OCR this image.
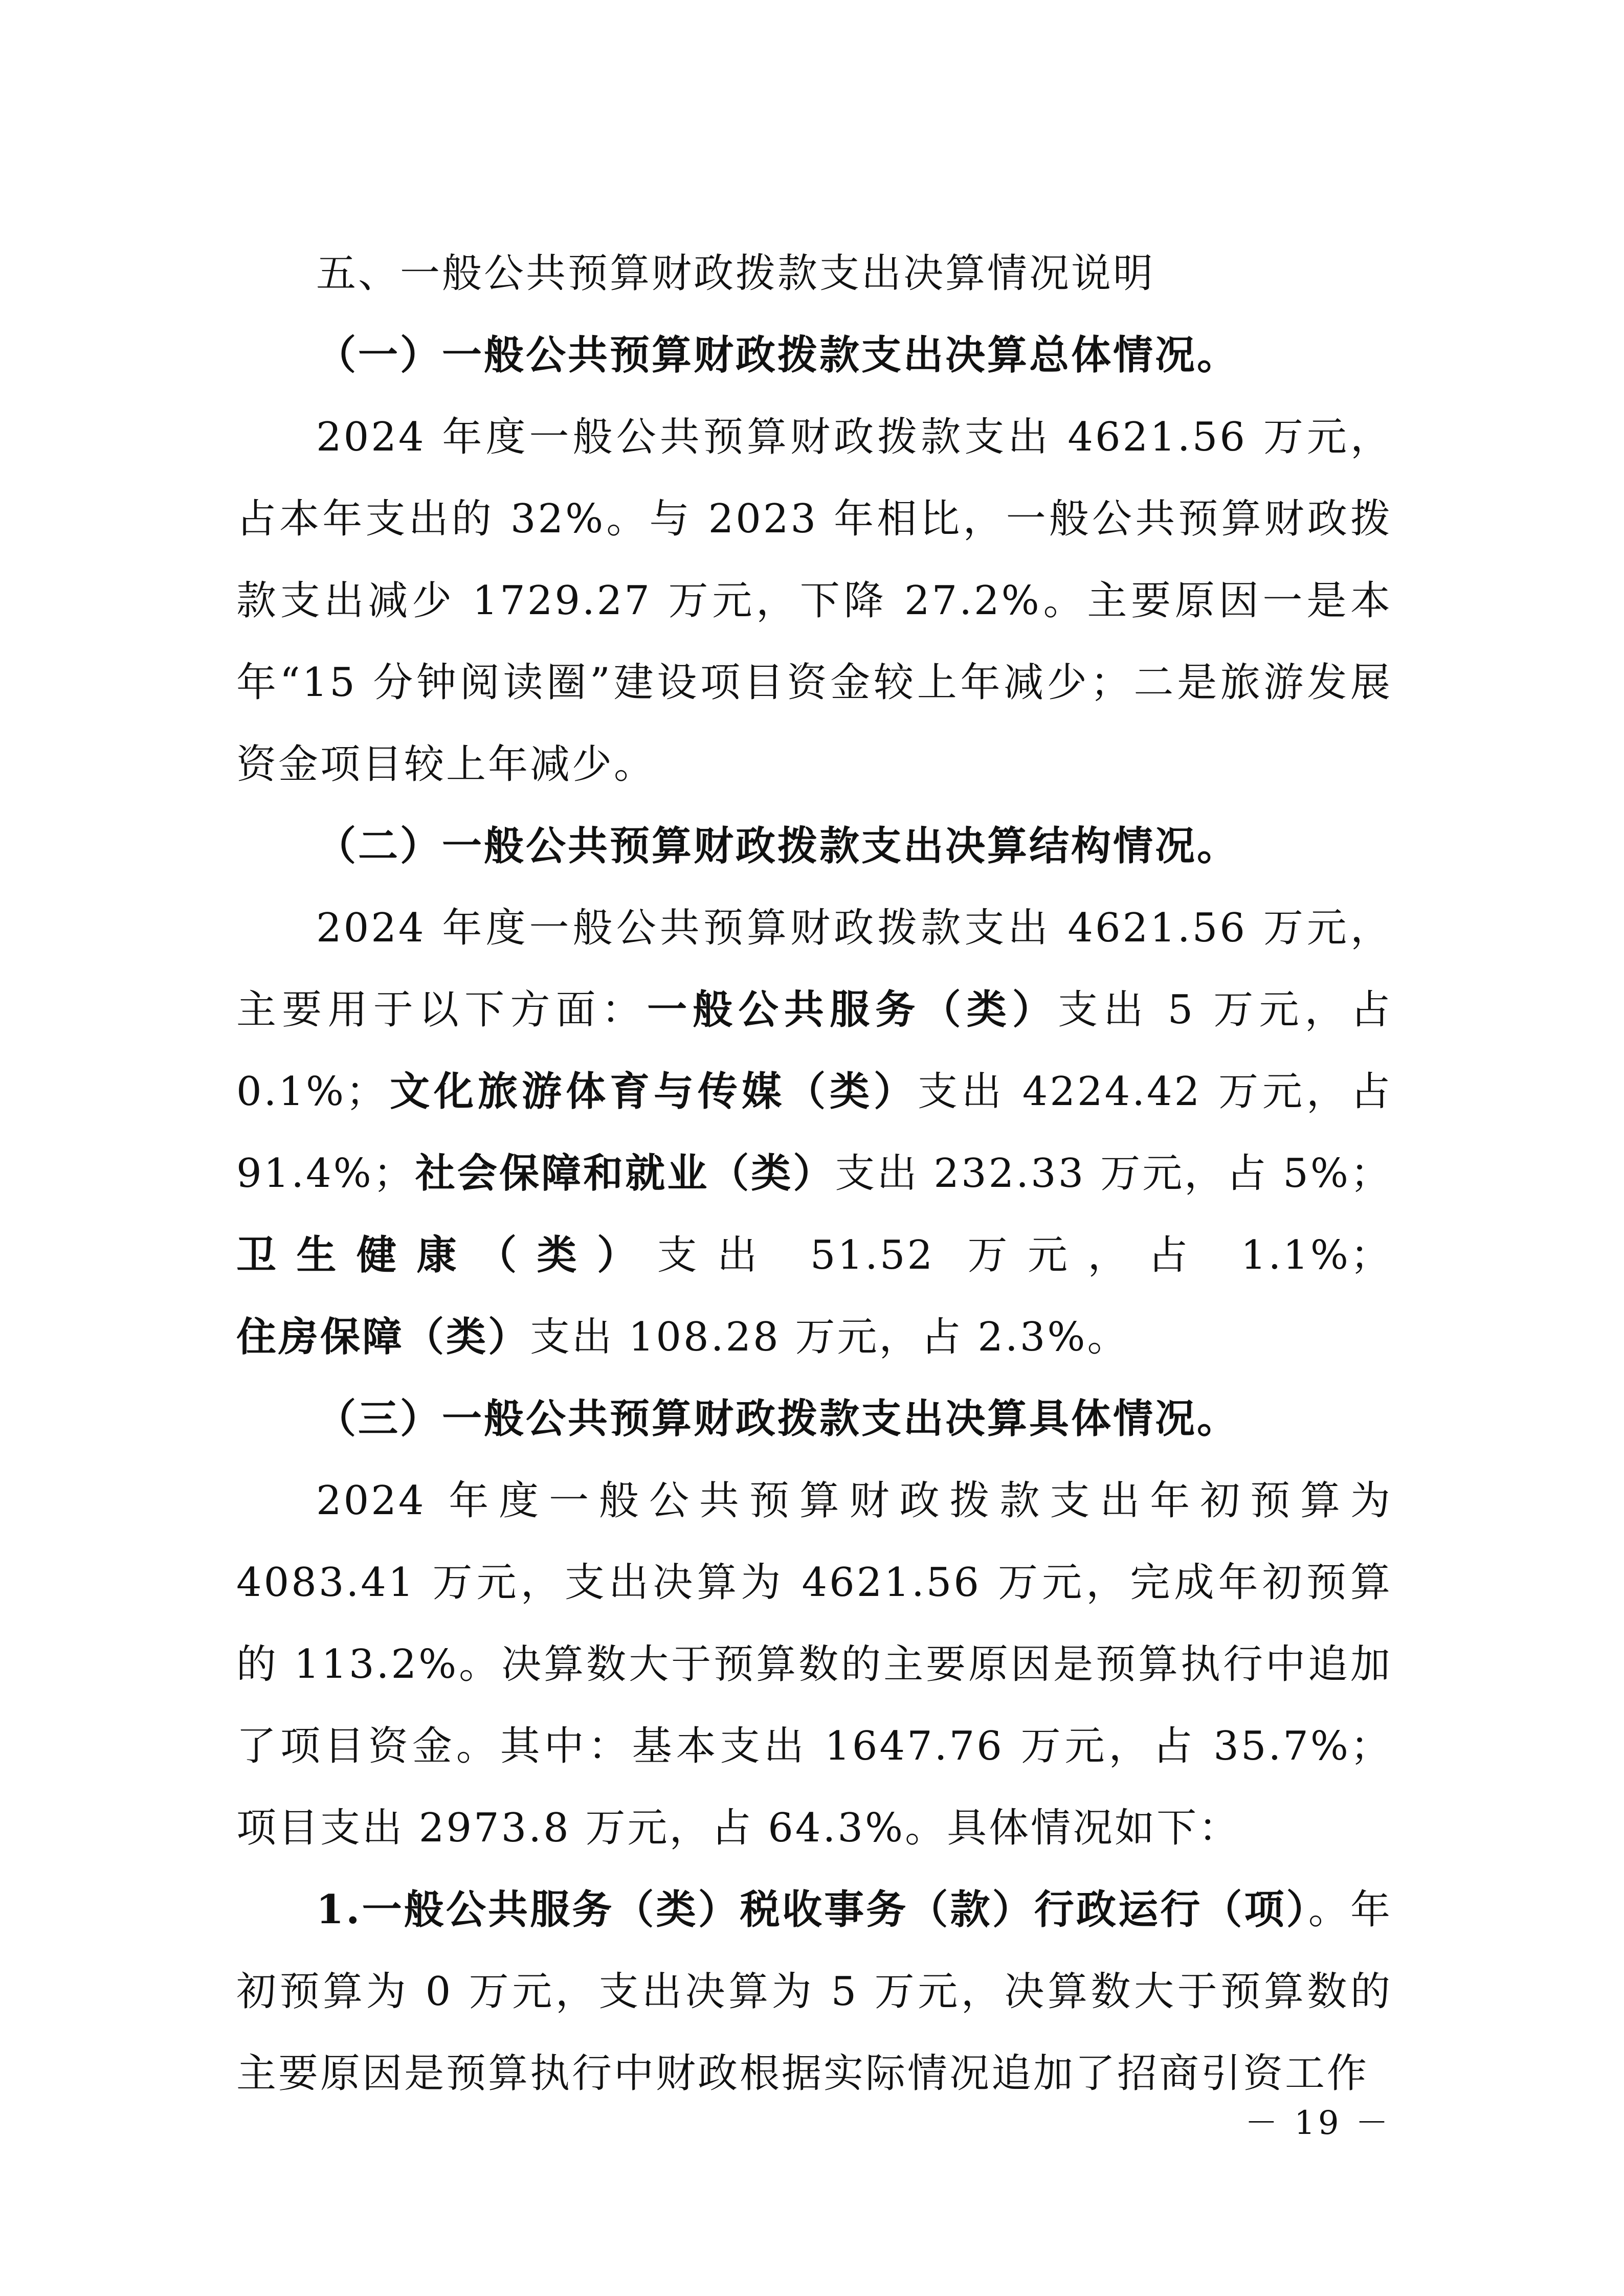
五、一般公共预算财政拨款支出决算情况说明

（一）一般公共预算财政拨款支出决算总体情况。

2024 年度一般公共预算财政拨款支出 4621.56 万元，占本年支出的 32%。与 2023 年相比，一般公共预算财政拨款支出减少 1729.27 万元，下降 27.2%。主要原因一是本年“15 分钟阅读圈”建设项目资金较上年减少；二是旅游发展资金项目较上年减少。

（二）一般公共预算财政拨款支出决算结构情况。

2024 年度一般公共预算财政拨款支出 4621.56 万元，主要用于以下方面：一般公共服务（类）支出 5 万元，占 0.1%；文化旅游体育与传媒（类）支出 4224.42 万元，占 91.4%；社会保障和就业（类）支出 232.33 万元，占 5%；卫生健康（类）支出 51.52 万元，占 1.1%；住房保障（类）支出 108.28 万元，占 2.3%。

（三）一般公共预算财政拨款支出决算具体情况。

2024 年度一般公共预算财政拨款支出年初预算为 4083.41 万元，支出决算为 4621.56 万元，完成年初预算的 113.2%。决算数大于预算数的主要原因是预算执行中追加了项目资金。其中：基本支出 1647.76 万元，占 35.7%；项目支出 2973.8 万元，占 64.3%。具体情况如下：

1.一般公共服务（类）税收事务（款）行政运行（项）。年初预算为 0 万元，支出决算为 5 万元，决算数大于预算数的主要原因是预算执行中财政根据实际情况追加了招商引资工作

－ 19 －
